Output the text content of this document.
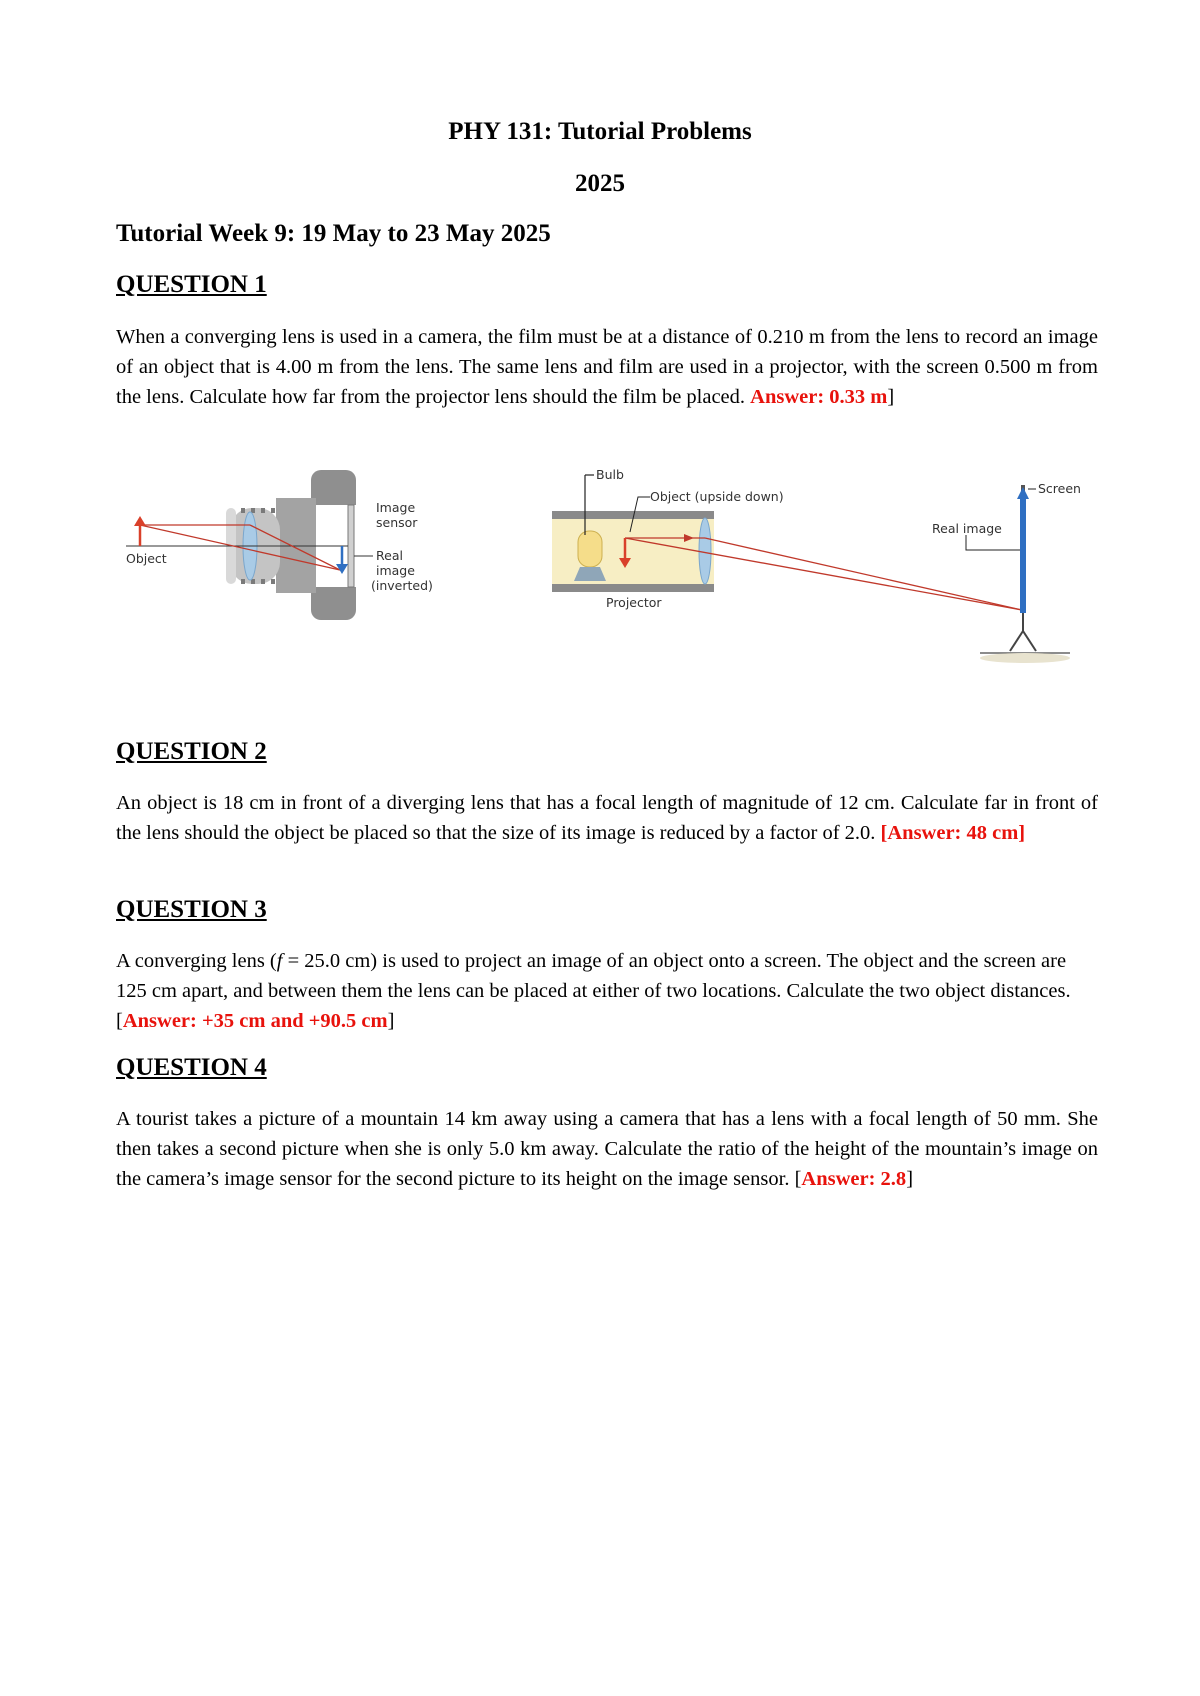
PHY 131: Tutorial Problems
2025
Tutorial Week 9: 19 May to 23 May 2025
QUESTION 1
When a converging lens is used in a camera, the film must be at a distance of 0.210 m from the lens to record an image of an object that is 4.00 m from the lens. The same lens and film are used in a projector, with the screen 0.500 m from the lens. Calculate how far from the projector lens should the film be placed. Answer: 0.33 m]
Object
Image
sensor
Real
image
(inverted)
Bulb
Object (upside down)
Projector
Real image
Screen
QUESTION 2
An object is 18 cm in front of a diverging lens that has a focal length of magnitude of 12 cm. Calculate far in front of the lens should the object be placed so that the size of its image is reduced by a factor of 2.0. [Answer: 48 cm]
QUESTION 3
A converging lens (f = 25.0 cm) is used to project an image of an object onto a screen. The object and the screen are 125 cm apart, and between them the lens can be placed at either of two locations. Calculate the two object distances. [Answer: +35 cm and +90.5 cm]
QUESTION 4
A tourist takes a picture of a mountain 14 km away using a camera that has a lens with a focal length of 50 mm. She then takes a second picture when she is only 5.0 km away. Calculate the ratio of the height of the mountain’s image on the camera’s image sensor for the second picture to its height on the image sensor. [Answer: 2.8]
